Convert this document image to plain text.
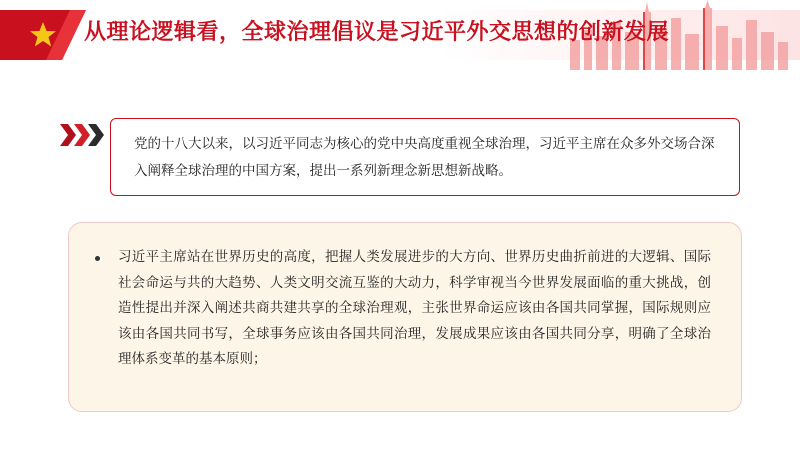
从理论逻辑看，全球治理倡议是习近平外交思想的创新发展
党的十八大以来，以习近平同志为核心的党中央高度重视全球治理，习近平主席在众多外交场合深入阐释全球治理的中国方案，提出一系列新理念新思想新战略。
习近平主席站在世界历史的高度，把握人类发展进步的大方向、世界历史曲折前进的大逻辑、国际社会命运与共的大趋势、人类文明交流互鉴的大动力，科学审视当今世界发展面临的重大挑战，创造性提出并深入阐述共商共建共享的全球治理观，主张世界命运应该由各国共同掌握，国际规则应该由各国共同书写，全球事务应该由各国共同治理，发展成果应该由各国共同分享，明确了全球治理体系变革的基本原则；
